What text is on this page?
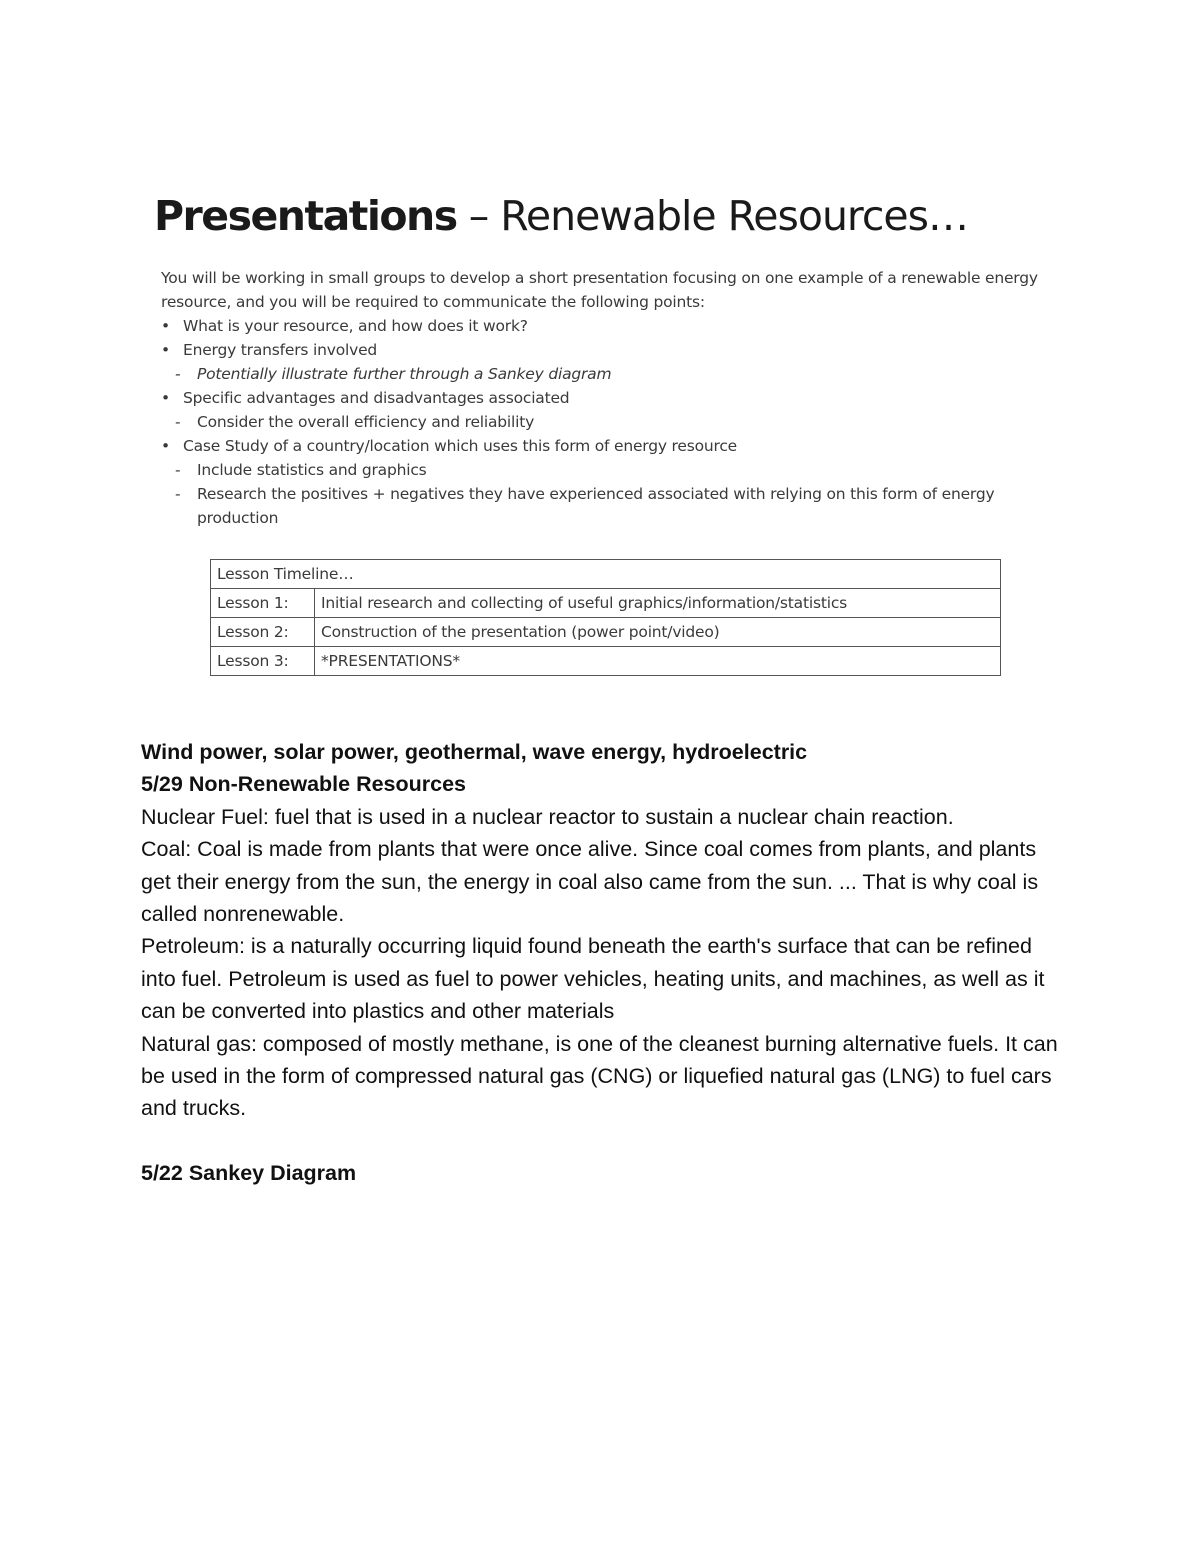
Presentations – Renewable Resources…

You will be working in small groups to develop a short presentation focusing on one example of a renewable energy resource, and you will be required to communicate the following points:

• What is your resource, and how does it work?
• Energy transfers involved
- Potentially illustrate further through a Sankey diagram
• Specific advantages and disadvantages associated
- Consider the overall efficiency and reliability
• Case Study of a country/location which uses this form of energy resource
- Include statistics and graphics
- Research the positives + negatives they have experienced associated with relying on this form of energy production
Lesson Timeline…	
Lesson 1:	Initial research and collecting of useful graphics/information/statistics
Lesson 2:	Construction of the presentation (power point/video)
Lesson 3:	*PRESENTATIONS*

Wind power, solar power, geothermal, wave energy, hydroelectric

5/29 Non-Renewable Resources

Nuclear Fuel: fuel that is used in a nuclear reactor to sustain a nuclear chain reaction.

Coal: Coal is made from plants that were once alive. Since coal comes from plants, and plants get their energy from the sun, the energy in coal also came from the sun. ... That is why coal is called nonrenewable.

Petroleum: is a naturally occurring liquid found beneath the earth's surface that can be refined into fuel. Petroleum is used as fuel to power vehicles, heating units, and machines, as well as it can be converted into plastics and other materials

Natural gas: composed of mostly methane, is one of the cleanest burning alternative fuels. It can be used in the form of compressed natural gas (CNG) or liquefied natural gas (LNG) to fuel cars and trucks.

5/22 Sankey Diagram
